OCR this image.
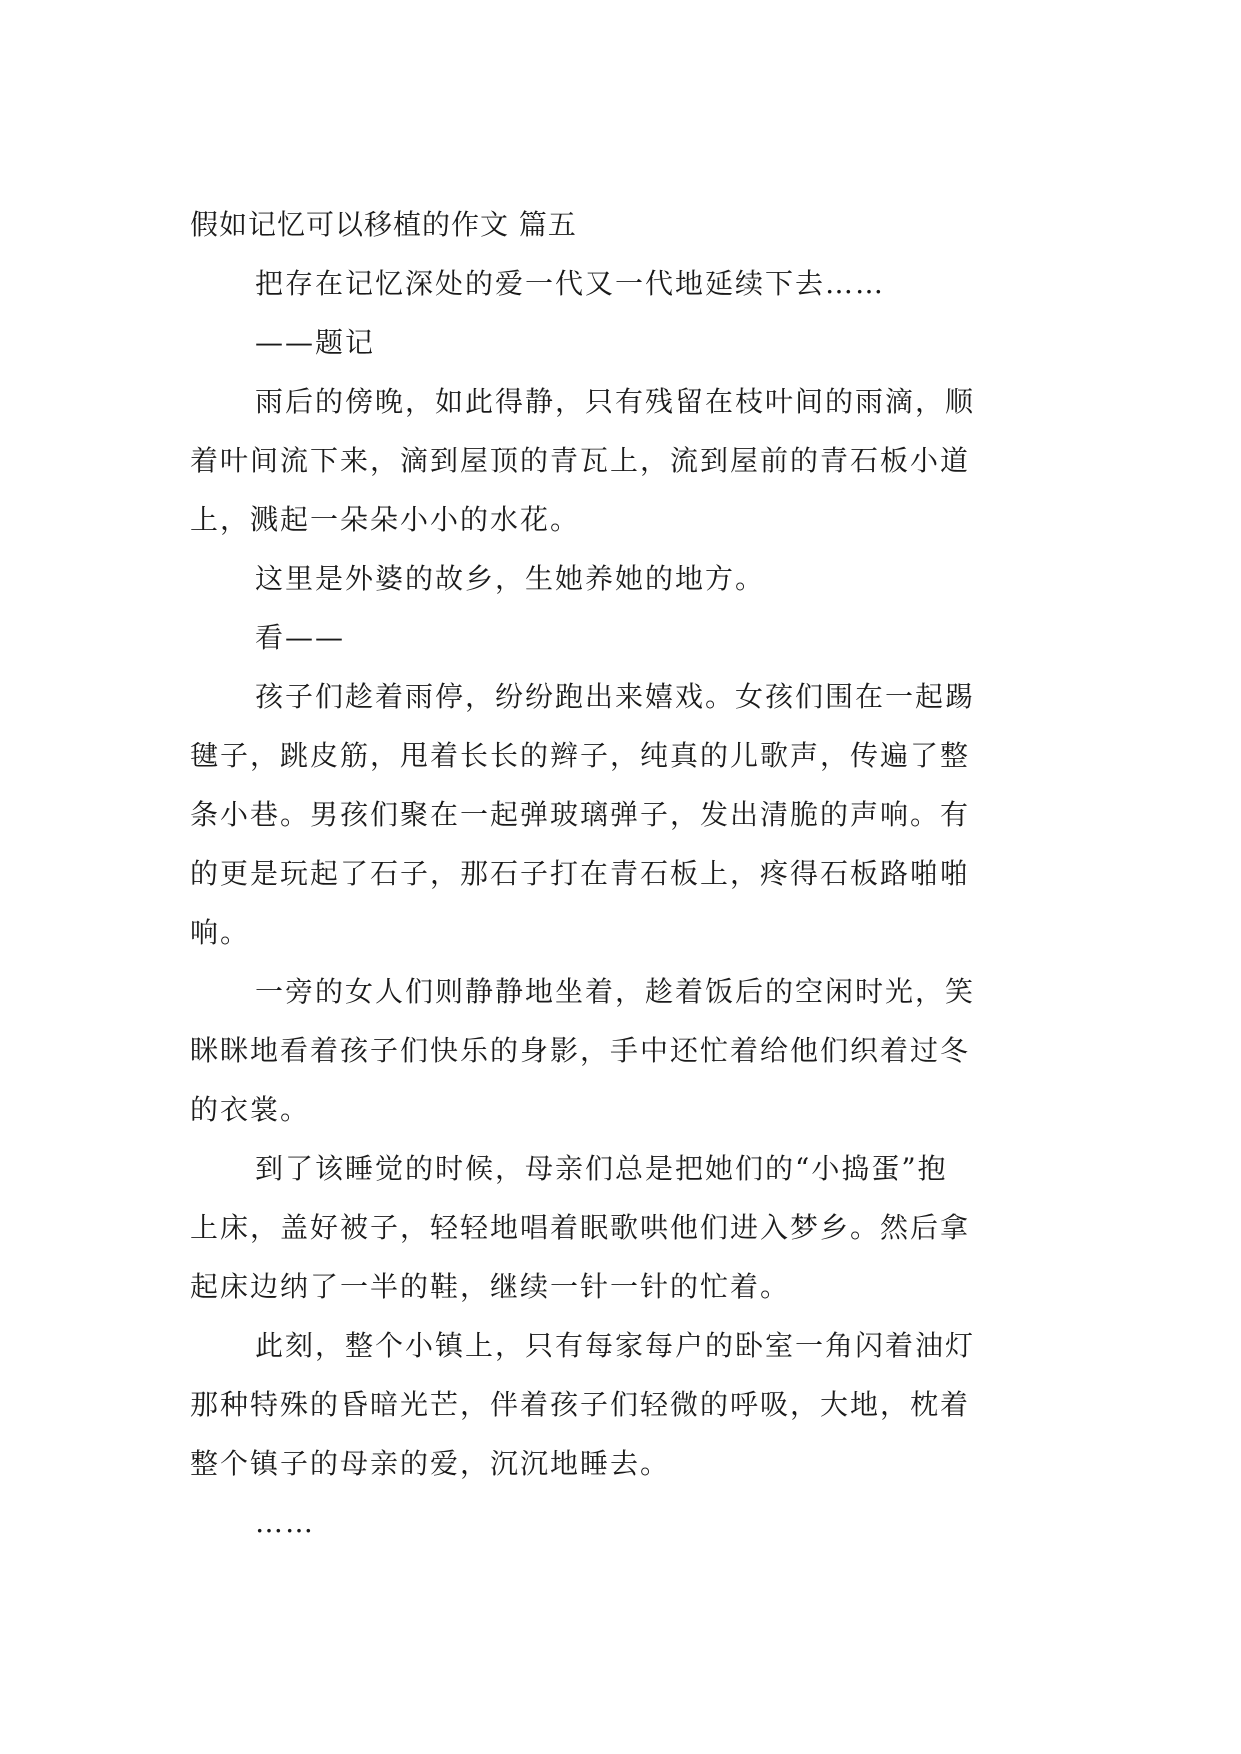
假如记忆可以移植的作文 篇五

把存在记忆深处的爱一代又一代地延续下去……

——题记

雨后的傍晚，如此得静，只有残留在枝叶间的雨滴，顺

着叶间流下来，滴到屋顶的青瓦上，流到屋前的青石板小道

上，溅起一朵朵小小的水花。

这里是外婆的故乡，生她养她的地方。

看——

孩子们趁着雨停，纷纷跑出来嬉戏。女孩们围在一起踢

毽子，跳皮筋，甩着长长的辫子，纯真的儿歌声，传遍了整

条小巷。男孩们聚在一起弹玻璃弹子，发出清脆的声响。有

的更是玩起了石子，那石子打在青石板上，疼得石板路啪啪

响。

一旁的女人们则静静地坐着，趁着饭后的空闲时光，笑

眯眯地看着孩子们快乐的身影，手中还忙着给他们织着过冬

的衣裳。

到了该睡觉的时候，母亲们总是把她们的“小捣蛋”抱

上床，盖好被子，轻轻地唱着眠歌哄他们进入梦乡。然后拿

起床边纳了一半的鞋，继续一针一针的忙着。

此刻，整个小镇上，只有每家每户的卧室一角闪着油灯

那种特殊的昏暗光芒，伴着孩子们轻微的呼吸，大地，枕着

整个镇子的母亲的爱，沉沉地睡去。

……
